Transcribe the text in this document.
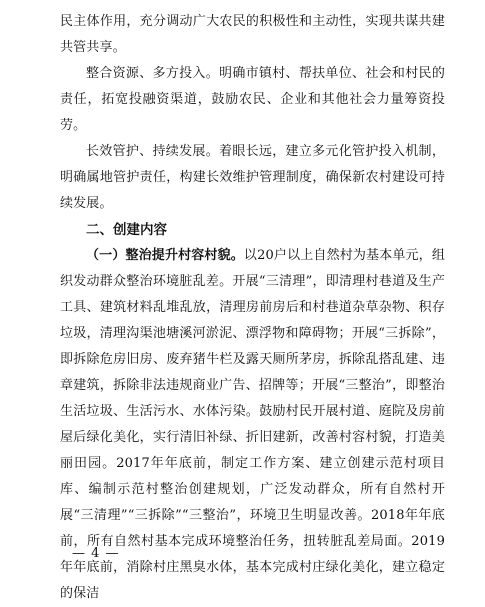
民主体作用，充分调动广大农民的积极性和主动性，实现共谋共建共管共享。

整合资源、多方投入。明确市镇村、帮扶单位、社会和村民的责任，拓宽投融资渠道，鼓励农民、企业和其他社会力量筹资投劳。

长效管护、持续发展。着眼长远，建立多元化管护投入机制，明确属地管护责任，构建长效维护管理制度，确保新农村建设可持续发展。

二、创建内容

（一）整治提升村容村貌。以20户以上自然村为基本单元，组织发动群众整治环境脏乱差。开展“三清理”，即清理村巷道及生产工具、建筑材料乱堆乱放，清理房前房后和村巷道杂草杂物、积存垃圾，清理沟渠池塘溪河淤泥、漂浮物和障碍物；开展“三拆除”，即拆除危房旧房、废弃猪牛栏及露天厕所茅房，拆除乱搭乱建、违章建筑，拆除非法违规商业广告、招牌等；开展“三整治”，即整治生活垃圾、生活污水、水体污染。鼓励村民开展村道、庭院及房前屋后绿化美化，实行清旧补绿、折旧建新，改善村容村貌，打造美丽田园。2017年年底前，制定工作方案、建立创建示范村项目库、编制示范村整治创建规划，广泛发动群众，所有自然村开展“三清理”“三拆除”“三整治”，环境卫生明显改善。2018年年底前，所有自然村基本完成环境整治任务，扭转脏乱差局面。2019年年底前，消除村庄黑臭水体，基本完成村庄绿化美化，建立稳定的保洁

— 4 —
